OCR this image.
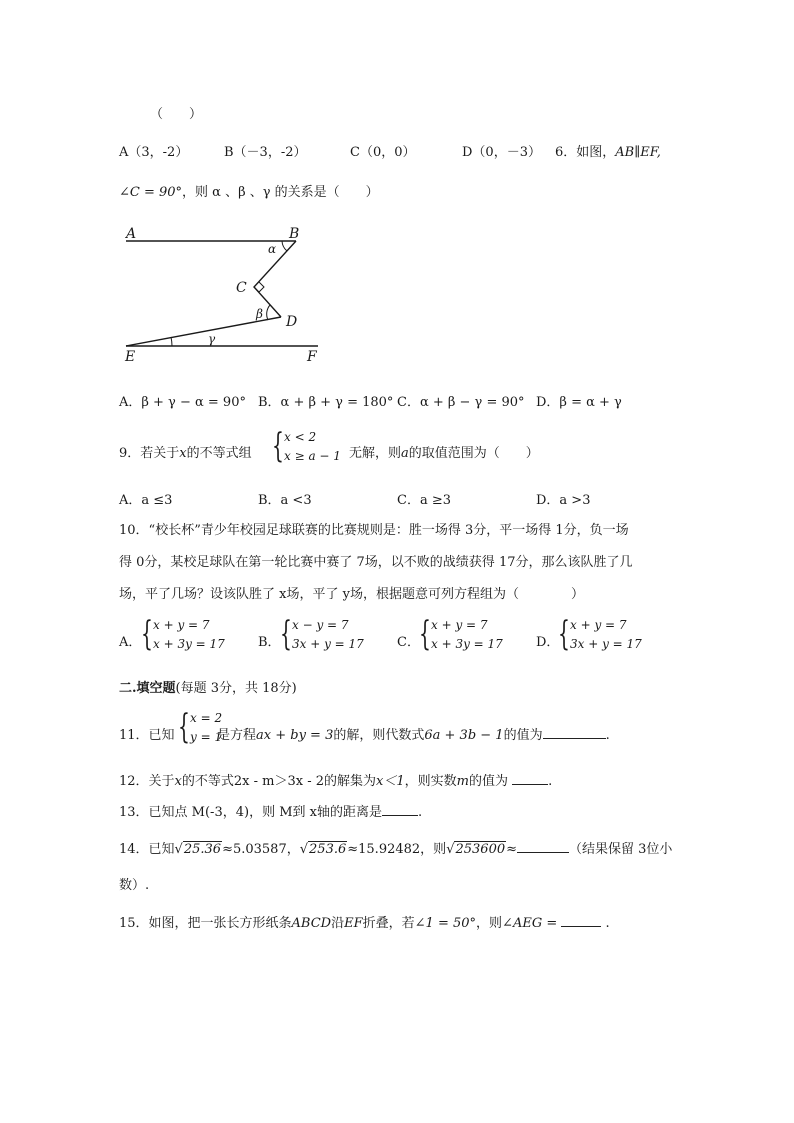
（　　）
A（3，-2）	B（－3，-2）	C（0，0）	D（0，－3） 6．如图，AB∥EF,
∠C = 90°，则 α 、β 、γ 的关系是（　　）
A	B
C
D
E	F
α
β
γ
A．β + γ − α = 90° B．α + β + γ = 180° C．α + β − γ = 90° D．β = α + γ
9．若关于x的不等式组 { x < 2
x ≥ a − 1 无解，则a的取值范围为（　　）
A．a ≤3	B．a <3	C．a ≥3	D．a >3
10．“校长杯”青少年校园足球联赛的比赛规则是：胜一场得 3分，平一场得 1分，负一场
得 0分，某校足球队在第一轮比赛中赛了 7场，以不败的战绩获得 17分，那么该队胜了几
场，平了几场？设该队胜了 x场，平了 y场，根据题意可列方程组为（　　　　）
A． { x + y = 7
x + 3y = 17	B． { x − y = 7
3x + y = 17	C． { x + y = 7
x + 3y = 17	D．
{ x + y = 7
3x + y = 17
二.填空题(每题 3分，共 18分)
11．已知 { x = 2
y = 1
是方程ax + by = 3的解，则代数式6a + 3b − 1的值为	.
12．关于x的不等式2x - m＞3x - 2的解集为x＜1，则实数m的值为	.
13．已知点 M(-3，4)，则 M到 x轴的距离是	.
14．已知√25.36≈5.03587，√253.6≈15.92482，则√253600≈	（结果保留 3位小
数）.
15．如图，把一张长方形纸条ABCD沿EF折叠，若∠1 = 50°，则∠AEG =	.
